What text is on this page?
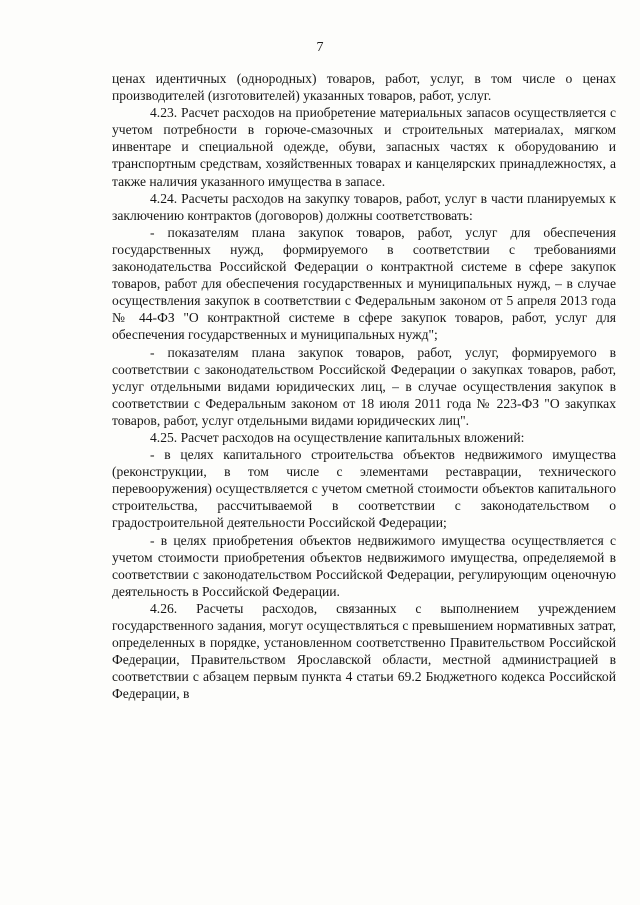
7

ценах идентичных (однородных) товаров, работ, услуг, в том числе о ценах производителей (изготовителей) указанных товаров, работ, услуг.

4.23. Расчет расходов на приобретение материальных запасов осуществляется с учетом потребности в горюче-смазочных и строительных материалах, мягком инвентаре и специальной одежде, обуви, запасных частях к оборудованию и транспортным средствам, хозяйственных товарах и канцелярских принадлежностях, а также наличия указанного имущества в запасе.

4.24. Расчеты расходов на закупку товаров, работ, услуг в части планируемых к заключению контрактов (договоров) должны соответствовать:

- показателям плана закупок товаров, работ, услуг для обеспечения государственных нужд, формируемого в соответствии с требованиями законодательства Российской Федерации о контрактной системе в сфере закупок товаров, работ для обеспечения государственных и муниципальных нужд, – в случае осуществления закупок в соответствии с Федеральным законом от 5 апреля 2013 года № 44-ФЗ "О контрактной системе в сфере закупок товаров, работ, услуг для обеспечения государственных и муниципальных нужд";

- показателям плана закупок товаров, работ, услуг, формируемого в соответствии с законодательством Российской Федерации о закупках товаров, работ, услуг отдельными видами юридических лиц, – в случае осуществления закупок в соответствии с Федеральным законом от 18 июля 2011 года № 223-ФЗ "О закупках товаров, работ, услуг отдельными видами юридических лиц".

4.25. Расчет расходов на осуществление капитальных вложений:

- в целях капитального строительства объектов недвижимого имущества (реконструкции, в том числе с элементами реставрации, технического перевооружения) осуществляется с учетом сметной стоимости объектов капитального строительства, рассчитываемой в соответствии с законодательством о градостроительной деятельности Российской Федерации;

- в целях приобретения объектов недвижимого имущества осуществляется с учетом стоимости приобретения объектов недвижимого имущества, определяемой в соответствии с законодательством Российской Федерации, регулирующим оценочную деятельность в Российской Федерации.

4.26. Расчеты расходов, связанных с выполнением учреждением государственного задания, могут осуществляться с превышением нормативных затрат, определенных в порядке, установленном соответственно Правительством Российской Федерации, Правительством Ярославской области, местной администрацией в соответствии с абзацем первым пункта 4 статьи 69.2 Бюджетного кодекса Российской Федерации, в
